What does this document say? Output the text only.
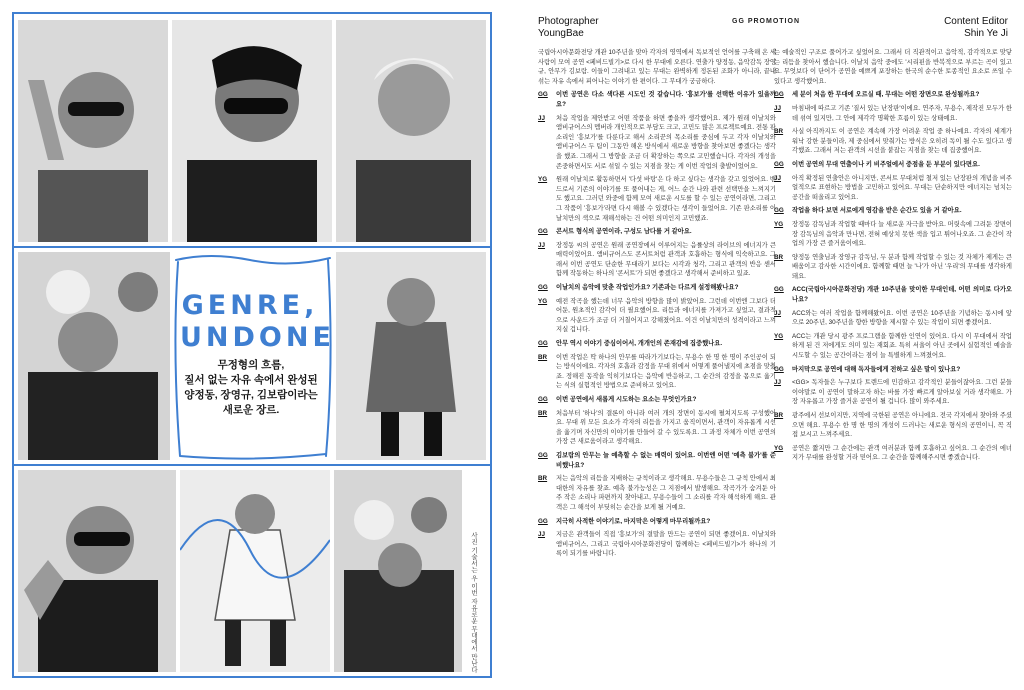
GENRE,
UNDONE
무정형의 흐름,
질서 없는 자유 속에서 완성된
양정동, 장영규, 김보람이라는
새로운 장르.
사진 기술서는 우 이번 자유로운 무대에서 만난다
Photographer
YoungBae
GG PROMOTION	Content Editor
Shin Ye Ji
국립아시아문화전당 개관 10주년을 맞아 각자의 영역에서 독보적인 언어를 구축해 온 세 사람이 모여 공연 <페비드빌기>로 다시 한 무대에 오른다. 연출가 양정동, 음악감독 장영규, 안무가 김보람. 이들이 그려내고 있는 무대는 완벽하게 정돈된 조화가 아니라, 끝내 섞는 자유 속에서 피어나는 이야기 한 편이다. 그 무대가 궁금하다.
GG	이번 공연은 다소 색다른 시도인 것 같습니다. '흥보가'를 선택한 이유가 있을까요?
JJ	처음 작업을 제안받고 어떤 작품을 하면 좋을까 생각했어요. 제가 원래 이날치와 앰비규어스의 멤버라 개인적으로 부담도 크고, 고민도 많은 프로젝트예요. 전통 판소리인 '흥보가'를 다룬다고 해서 소리꾼의 목소리를 중심에 두고 각자 이날치와 앰비규어스 두 팀이 그동안 해온 방식에서 새로운 방향을 찾아보면 좋겠다는 생각을 했죠. 그래서 그 방향을 조금 더 확장하는 쪽으로 고민했습니다. 각자의 개성을 존중하면서도 서로 섞일 수 있는 지점을 찾는 게 이번 작업의 출발이었어요.
YG	원래 이날치로 활동하면서 '다섯 바탕'은 다 하고 싶다는 생각을 갖고 있었어요. 밴드로서 기존의 이야기를 또 풀어내는 게, 어느 순간 나와 관련 선택만을 느껴지기도 했고요. 그러던 와중에 함께 모여 새로운 시도를 할 수 있는 공연이라면, 그리고 그 작품이 '흥보가'라면 다시 해볼 수 있겠다는 생각이 들었어요. 기존 판소리를 이날치만의 색으로 재해석하는 건 어떤 의미인지 고민했죠.
GG	콘서트 형식의 공연이라, 구성도 남다를 거 같아요.
JJ	장정동 씨의 공연은 원래 공연장에서 이루어지는 음률상의 라이브의 에너지가 큰 매력이었어요. 앰비규어스도 콘서트처럼 관객과 호흡하는 형식에 익숙하고요. 그래서 이번 공연도 단순한 무대라기 보다는 시각과 청각, 그리고 관객의 반응 센서 함께 작동하는 하나의 '콘서트'가 되면 좋겠다고 생각해서 준비하고 있죠.
GG	이날치의 음악에 맞춘 작업인가요? 기존과는 다르게 설정해봤나요?
YG	예전 작곡을 했는데 너무 음악의 방향을 많이 밝았어요. 그런데 이번엔 그보다 더 어둔, 원초적인 감각이 더 필요했어요. 리듬과 에너지를 가져가고 싶었고, 결과적으로 사운드가 조금 더 거칠어지고 강해졌어요. 이건 이날치만의 성격이라고 느껴지실 겁니다.
GG	안무 역시 이야기 중심이어서, 개개인의 존재감에 집중했나요.
BR	이번 작업은 딱 하나의 안무를 따라가기보다는, 무용수 한 명 한 명이 주인공이 되는 방식이에요. 각자의 호흡과 감정을 무대 위에서 어떻게 풀어낼지에 초점을 맞췄죠. 정해진 동작을 익히기보다는 음악에 반응하고, 그 순간의 감정을 몸으로 옮기는 식의 실험적인 방법으로 준비하고 있어요.
GG	이번 공연에서 새롭게 시도하는 요소는 무엇인가요?
BR	처음부터 '하나'의 결론이 아니라 여러 개의 장면이 동시에 펼쳐지도록 구성했어요. 무대 위 모든 요소가 각자의 리듬을 가지고 움직이면서, 관객이 자유롭게 시선을 옮기며 자신만의 이야기를 만들어 갈 수 있도록요. 그 과정 자체가 이번 공연의 가장 큰 새로움이라고 생각해요.
GG	김보람의 안무는 늘 예측할 수 없는 매력이 있어요. 이번엔 어떤 '예측 불가'를 준비했나요?
BR	저는 음악의 리듬을 지배하는 규칙이라고 생각해요. 무용수들은 그 규칙 안에서 최대한의 자유를 찾죠. 예측 불가능성은 그 지점에서 발생해요. 작곡가가 숨겨둔 아주 작은 소리나 파편까지 찾아내고, 무용수들이 그 소리를 각자 해석하게 해요. 관객은 그 해석이 부딪히는 순간을 보게 될 거예요.
GG	지극히 사적한 이야기로, 마지막은 어떻게 마무리될까요?
JJ	지금은 관객들이 직접 '흥보가'의 결말을 만드는 공연이 되면 좋겠어요. 이날치와 앰비규어스, 그리고 국립아시아문화전당이 함께하는 <페비드빌기>가 하나의 기록이 되기를 바랍니다.
는 예술적인 구조로 풀어가고 싶었어요. 그래서 더 직관적이고 음악적, 감각적으로 맞닿는 리듬을 찾아서 했습니다. 이날치 음악 중에도 '시리핀을 반복적으로 부르는 곡이 있고요. 무엇보다 이 단어가 공연을 예쁘게 포장하는 한국의 순수한 토종적인 요소로 쓰일 수 있다고 생각했어요.
GG	세 분이 처음 한 무대에 오르실 때, 무대는 어떤 장면으로 완성될까요?
JJ	마침내에 따르고 기존 '질서 있는 난장판'이에요. 연주자, 무용수, 제작진 모두가 한데 섞여 있지만, 그 안에 제각각 명확한 흐름이 있는 상태예요.
BR	사실 아직까지도 이 공연은 계속해 가장 어려운 작업 중 하나예요. 각자의 세계가 워낙 강한 분들이라, 제 중심에서 맞춰가는 방식은 오히려 독이 될 수도 있다고 생각했죠. 그래서 저는 관객의 시선을 붙잡는 지점을 찾는 데 집중했어요.
GG	이번 공연의 무대 연출이나 키 비주얼에서 중점을 둔 부분이 있다면요.
JJ	아직 확정된 연출안은 아니지만, 콘서트 무대처럼 철저 있는 난장판의 개념을 비주얼적으로 표현하는 방법을 고민하고 있어요. 무대는 단순하지만 에너지는 넘치는 공간을 떠올리고 있어요.
GG	작업을 하다 보면 서로에게 영감을 받은 순간도 있을 거 같아요.
YG	장정동 감독님과 작업할 때마다 늘 새로운 자극을 받아요. 머릿속에 그려둔 장면이 장 감독님의 음악과 만나면, 전혀 예상치 못한 색을 입고 튀어나오죠. 그 순간이 작업의 가장 큰 즐거움이에요.
BR	양정동 연출님과 장영규 감독님, 두 분과 함께 작업할 수 있는 것 자체가 제게는 큰 배움이고 감사한 시간이에요. 함께할 때면 늘 '나'가 아닌 '우리'의 무대를 생각하게 돼요.
GG	ACC(국립아시아문화전당) 개관 10주년을 맞이한 무대인데, 어떤 의미로 다가오나요?
JJ	ACC와는 여러 작업을 함께해왔어요. 이번 공연은 10주년을 기념하는 동시에 앞으로 20주년, 30주년을 향한 방향을 제시할 수 있는 작업이 되면 좋겠어요.
YG	ACC는 개관 당시 광주 프로그램을 함께한 인연이 있어요. 다시 이 무대에서 작업하게 된 건 저에게도 의미 있는 재회죠. 특히 서울이 아닌 곳에서 실험적인 예술을 시도할 수 있는 공간이라는 점이 늘 특별하게 느껴졌어요.
GG	마지막으로 공연에 대해 독자들에게 전하고 싶은 말이 있나요?
JJ	<GG> 독자들은 누구보다 트렌드에 민감하고 감각적인 분들이잖아요. 그런 분들이야말로 이 공연이 말하고자 하는 바를 가장 빠르게 알아보실 거라 생각해요. 가장 자유롭고 가장 즐거운 공연이 될 겁니다. 많이 와주세요.
BR	광주에서 선보이지만, 지역에 국한된 공연은 아니에요. 전국 각지에서 찾아와 주셨으면 해요. 무용수 한 명 한 명의 개성이 드러나는 새로운 형식의 공연이니, 꼭 직접 보시고 느껴주세요.
YG	공연은 짧지만 그 순간에는 관객 여러분과 함께 호흡하고 싶어요. 그 순간의 에너지가 무대를 완성할 거라 믿어요. 그 순간을 함께해주시면 좋겠습니다.
